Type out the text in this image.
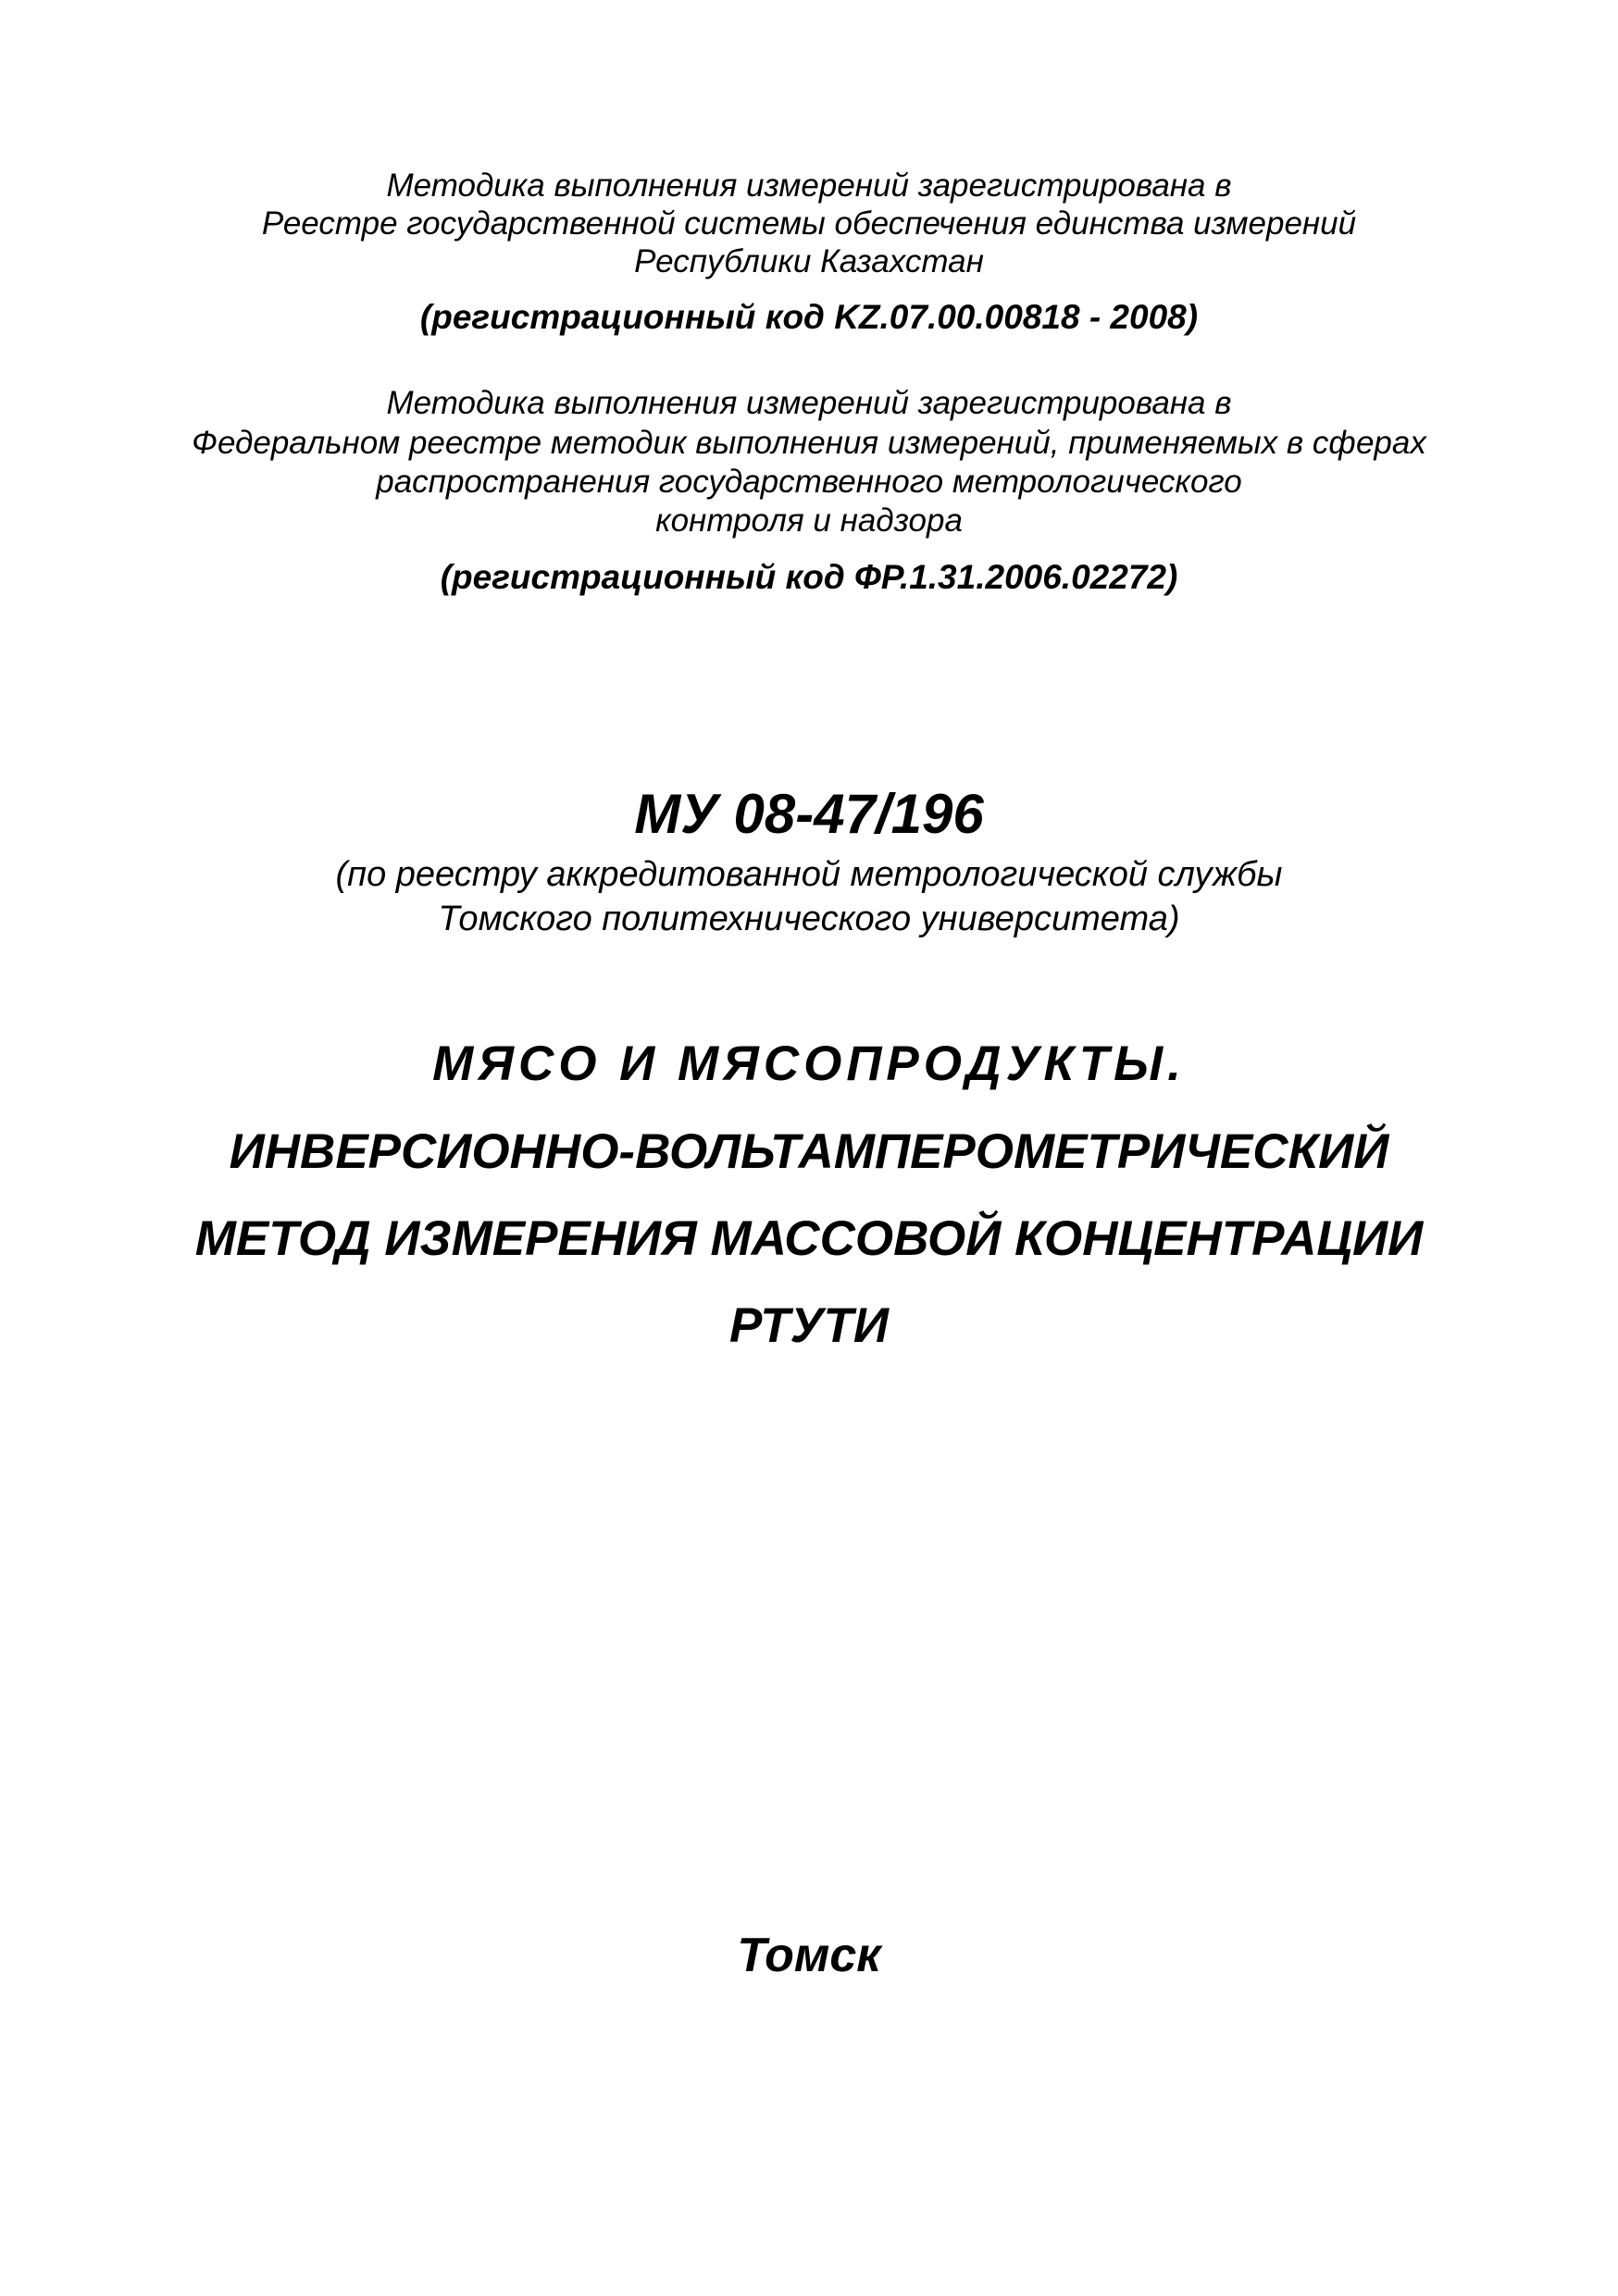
Методика выполнения измерений зарегистрирована в

Реестре государственной системы обеспечения единства измерений

Республики Казахстан

(регистрационный код KZ.07.00.00818 - 2008)

Методика выполнения измерений зарегистрирована в

Федеральном реестре методик выполнения измерений, применяемых в сферах

распространения государственного метрологического

контроля и надзора

(регистрационный код ФР.1.31.2006.02272)

МУ 08-47/196

(по реестру аккредитованной метрологической службы

Томского политехнического университета)

МЯСО И МЯСОПРОДУКТЫ.

ИНВЕРСИОННО-ВОЛЬТАМПЕРОМЕТРИЧЕСКИЙ

МЕТОД ИЗМЕРЕНИЯ МАССОВОЙ КОНЦЕНТРАЦИИ

РТУТИ

Томск
